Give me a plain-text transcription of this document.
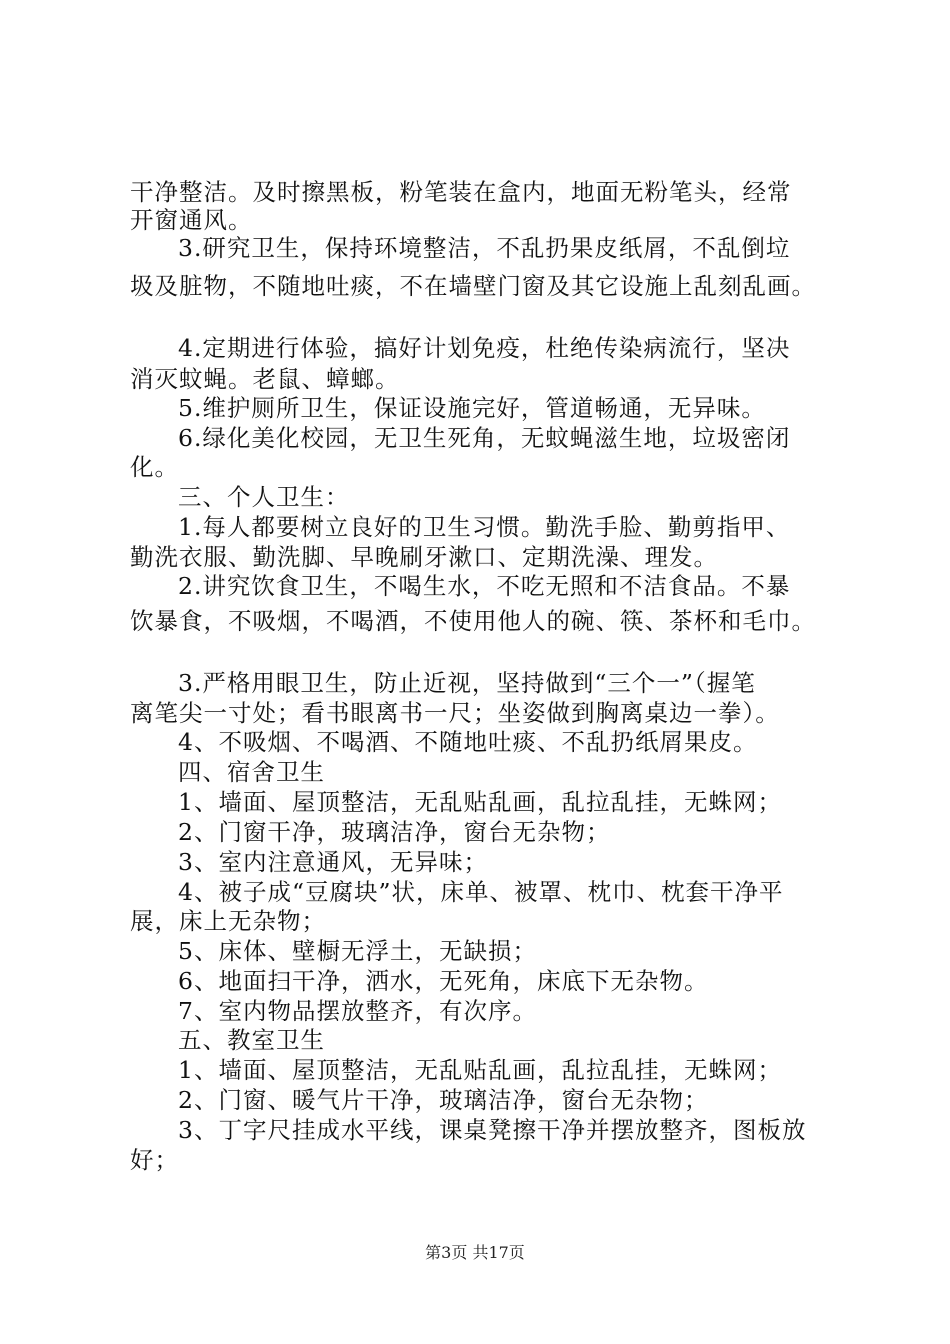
干净整洁。及时擦黑板，粉笔装在盒内，地面无粉笔头，经常
开窗通风。
3.研究卫生，保持环境整洁，不乱扔果皮纸屑，不乱倒垃
圾及脏物，不随地吐痰，不在墙壁门窗及其它设施上乱刻乱画。
4.定期进行体验，搞好计划免疫，杜绝传染病流行，坚决
消灭蚊蝇。老鼠、蟑螂。
5.维护厕所卫生，保证设施完好，管道畅通，无异味。
6.绿化美化校园，无卫生死角，无蚊蝇滋生地，垃圾密闭
化。
三、个人卫生：
1.每人都要树立良好的卫生习惯。勤洗手脸、勤剪指甲、
勤洗衣服、勤洗脚、早晚刷牙漱口、定期洗澡、理发。
2.讲究饮食卫生，不喝生水，不吃无照和不洁食品。不暴
饮暴食，不吸烟，不喝酒，不使用他人的碗、筷、茶杯和毛巾。
3.严格用眼卫生，防止近视，坚持做到“三个一”（握笔
离笔尖一寸处；看书眼离书一尺；坐姿做到胸离桌边一拳）。
4、不吸烟、不喝酒、不随地吐痰、不乱扔纸屑果皮。
四、宿舍卫生
1、墙面、屋顶整洁，无乱贴乱画，乱拉乱挂，无蛛网；
2、门窗干净，玻璃洁净，窗台无杂物；
3、室内注意通风，无异味；
4、被子成“豆腐块”状，床单、被罩、枕巾、枕套干净平
展，床上无杂物；
5、床体、壁橱无浮土，无缺损；
6、地面扫干净，洒水，无死角，床底下无杂物。
7、室内物品摆放整齐，有次序。
五、教室卫生
1、墙面、屋顶整洁，无乱贴乱画，乱拉乱挂，无蛛网；
2、门窗、暖气片干净，玻璃洁净，窗台无杂物；
3、丁字尺挂成水平线，课桌凳擦干净并摆放整齐，图板放
好；
第3页 共17页
